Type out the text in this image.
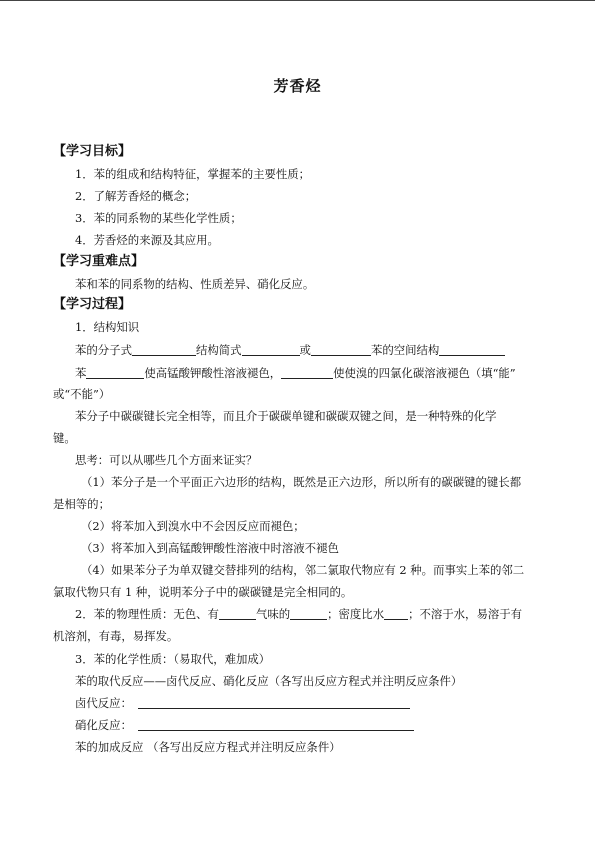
芳香烃
【学习目标】
1．苯的组成和结构特征，掌握苯的主要性质；
2．了解芳香烃的概念；
3．苯的同系物的某些化学性质；
4．芳香烃的来源及其应用。
【学习重难点】
苯和苯的同系物的结构、性质差异、硝化反应。
【学习过程】
1．结构知识
苯的分子式	结构简式	或	苯的空间结构
苯	使高锰酸钾酸性溶液褪色，	使使溴的四氯化碳溶液褪色（填“能”
或“不能”）
苯分子中碳碳键长完全相等，而且介于碳碳单键和碳碳双键之间，是一种特殊的化学
键。
思考：可以从哪些几个方面来证实？
（1）苯分子是一个平面正六边形的结构，既然是正六边形，所以所有的碳碳键的键长都
是相等的；
（2）将苯加入到溴水中不会因反应而褪色；
（3）将苯加入到高锰酸钾酸性溶液中时溶液不褪色
（4）如果苯分子为单双键交替排列的结构，邻二氯取代物应有 2 种。而事实上苯的邻二
氯取代物只有 1 种，说明苯分子中的碳碳键是完全相同的。
2．苯的物理性质：无色、有	气味的	；密度比水 ；不溶于水，易溶于有
机溶剂，有毒，易挥发。
3．苯的化学性质：（易取代，难加成）
苯的取代反应——卤代反应、硝化反应（各写出反应方程式并注明反应条件）
卤代反应：
硝化反应：
苯的加成反应 （各写出反应方程式并注明反应条件）
